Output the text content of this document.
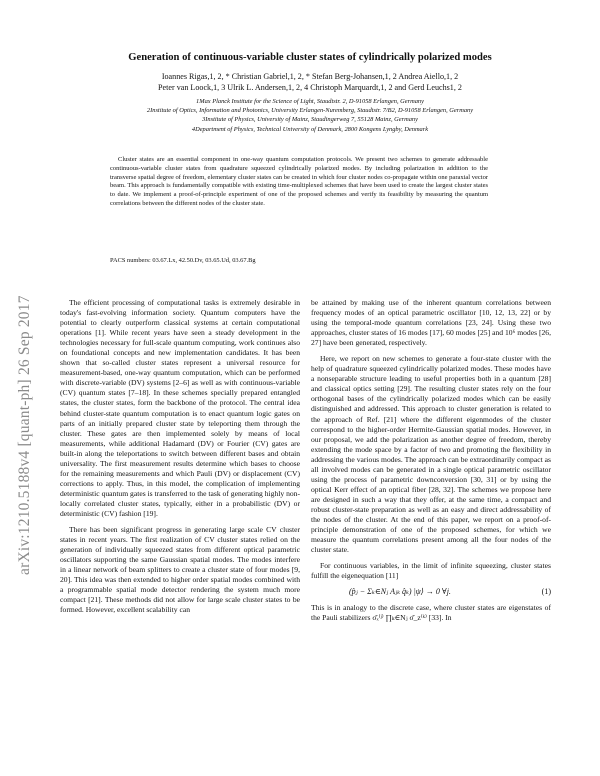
arXiv:1210.5188v4 [quant-ph] 26 Sep 2017
Generation of continuous-variable cluster states of cylindrically polarized modes
Ioannes Rigas,1, 2, * Christian Gabriel,1, 2, * Stefan Berg-Johansen,1, 2 Andrea Aiello,1, 2
Peter van Loock,1, 3 Ulrik L. Andersen,1, 2, 4 Christoph Marquardt,1, 2 and Gerd Leuchs1, 2
1Max Planck Institute for the Science of Light, Staudtstr. 2, D-91058 Erlangen, Germany
2Institute of Optics, Information and Photonics, University Erlangen-Nuremberg, Staudtstr. 7/B2, D-91058 Erlangen, Germany
3Institute of Physics, University of Mainz, Staudingerweg 7, 55128 Mainz, Germany
4Department of Physics, Technical University of Denmark, 2800 Kongens Lyngby, Denmark

Cluster states are an essential component in one-way quantum computation protocols. We present two schemes to generate addressable continuous-variable cluster states from quadrature squeezed cylindrically polarized modes. By including polarization in addition to the transverse spatial degree of freedom, elementary cluster states can be created in which four cluster nodes co-propagate within one paraxial vector beam. This approach is fundamentally compatible with existing time-multiplexed schemes that have been used to create the largest cluster states to date. We implement a proof-of-principle experiment of one of the proposed schemes and verify its feasibility by measuring the quantum correlations between the different nodes of the cluster state.

PACS numbers: 03.67.Lx, 42.50.Dv, 03.65.Ud, 03.67.Bg

The efficient processing of computational tasks is extremely desirable in today's fast-evolving information society. Quantum computers have the potential to clearly outperform classical systems at certain computational operations [1]. While recent years have seen a steady development in the technologies necessary for full-scale quantum computing, work continues also on foundational concepts and new implementation candidates. It has been shown that so-called cluster states represent a universal resource for measurement-based, one-way quantum computation, which can be performed with discrete-variable (DV) systems [2–6] as well as with continuous-variable (CV) quantum states [7–18]. In these schemes specially prepared entangled states, the cluster states, form the backbone of the protocol. The central idea behind cluster-state quantum computation is to enact quantum logic gates on parts of an initially prepared cluster state by teleporting them through the cluster. These gates are then implemented solely by means of local measurements, while additional Hadamard (DV) or Fourier (CV) gates are built-in along the teleportations to switch between different bases and obtain universality. The first measurement results determine which bases to choose for the remaining measurements and which Pauli (DV) or displacement (CV) corrections to apply. Thus, in this model, the complication of implementing deterministic quantum gates is transferred to the task of generating highly non-locally correlated cluster states, typically, either in a probabilistic (DV) or deterministic (CV) fashion [19].

There has been significant progress in generating large scale CV cluster states in recent years. The first realization of CV cluster states relied on the generation of individually squeezed states from different optical parametric oscillators supporting the same Gaussian spatial modes. The modes interfere in a linear network of beam splitters to create a cluster state of four modes [9, 20]. This idea was then extended to higher order spatial modes combined with a programmable spatial mode detector rendering the system much more compact [21]. These methods did not allow for large scale cluster states to be formed. However, excellent scalability can

be attained by making use of the inherent quantum correlations between frequency modes of an optical parametric oscillator [10, 12, 13, 22] or by using the temporal-mode quantum correlations [23, 24]. Using these two approaches, cluster states of 16 modes [17], 60 modes [25] and 10⁶ modes [26, 27] have been generated, respectively.

Here, we report on new schemes to generate a four-state cluster with the help of quadrature squeezed cylindrically polarized modes. These modes have a nonseparable structure leading to useful properties both in a quantum [28] and classical optics setting [29]. The resulting cluster states rely on the four orthogonal bases of the cylindrically polarized modes which can be easily distinguished and addressed. This approach to cluster generation is related to the approach of Ref. [21] where the different eigenmodes of the cluster correspond to the higher-order Hermite-Gaussian spatial modes. However, in our proposal, we add the polarization as another degree of freedom, thereby extending the mode space by a factor of two and promoting the flexibility in addressing the various modes. The approach can be extraordinarily compact as all involved modes can be generated in a single optical parametric oscillator using the process of parametric downconversion [30, 31] or by using the optical Kerr effect of an optical fiber [28, 32]. The schemes we propose here are designed in such a way that they offer, at the same time, a compact and robust cluster-state preparation as well as an easy and direct addressability of the nodes of the cluster. At the end of this paper, we report on a proof-of-principle demonstration of one of the proposed schemes, for which we measure the quantum correlations present among all the four nodes of the cluster state.

For continuous variables, in the limit of infinite squeezing, cluster states fulfill the eigenequation [11]

(p̂ⱼ − Σₖ∈Nⱼ Aⱼₖ q̂ₖ) |ψ⟩ → 0 ∀j.	(1)

This is in analogy to the discrete case, where cluster states are eigenstates of the Pauli stabilizers σ̂ₓ⁽ʲ⁾ ∏ₖ∈Nⱼ σ̂_z⁽ᵏ⁾ [33]. In
